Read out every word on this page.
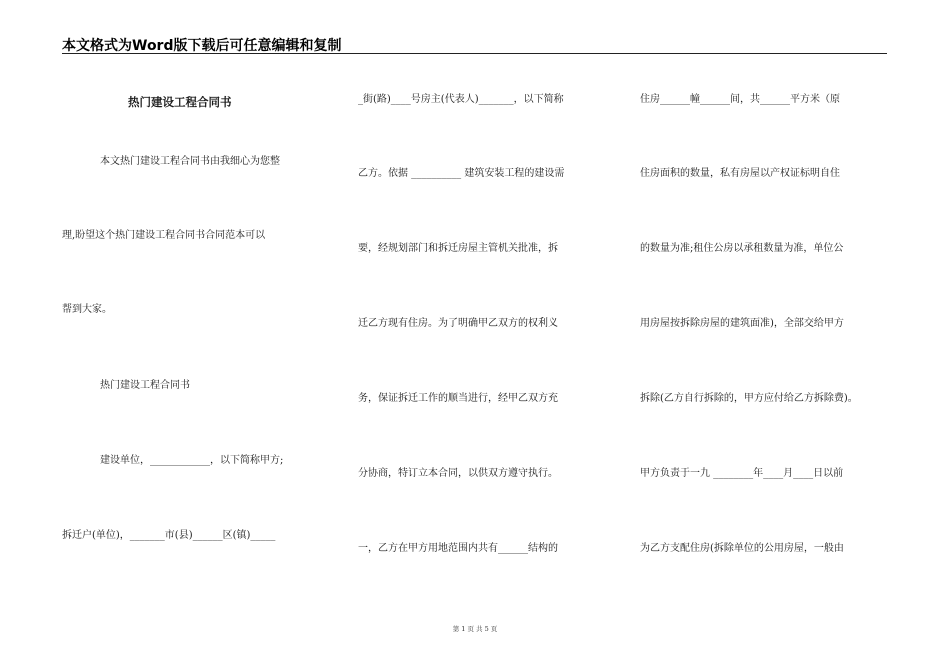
本文格式为Word版下载后可任意编辑和复制
热门建设工程合同书
本文热门建设工程合同书由我细心为您整
理,盼望这个热门建设工程合同书合同范本可以
帮到大家。
热门建设工程合同书
建设单位，____________，以下简称甲方;
拆迁户(单位)，_______市(县)______区(镇)_____
_街(路)____号房主(代表人)_______，以下简称
乙方。依据 __________ 建筑安装工程的建设需
要，经规划部门和拆迁房屋主管机关批准，拆
迁乙方现有住房。为了明确甲乙双方的权利义
务，保证拆迁工作的顺当进行，经甲乙双方充
分协商，特订立本合同，以供双方遵守执行。
一，乙方在甲方用地范围内共有______结构的
住房______幢______间，共______平方米（原
住房面积的数量，私有房屋以产权证标明自住
的数量为准;租住公房以承租数量为准，单位公
用房屋按拆除房屋的建筑面准)，全部交给甲方
拆除(乙方自行拆除的，甲方应付给乙方拆除费)。
甲方负责于一九 ________年____月____日以前
为乙方支配住房(拆除单位的公用房屋，一般由
第 1 页 共 5 页
